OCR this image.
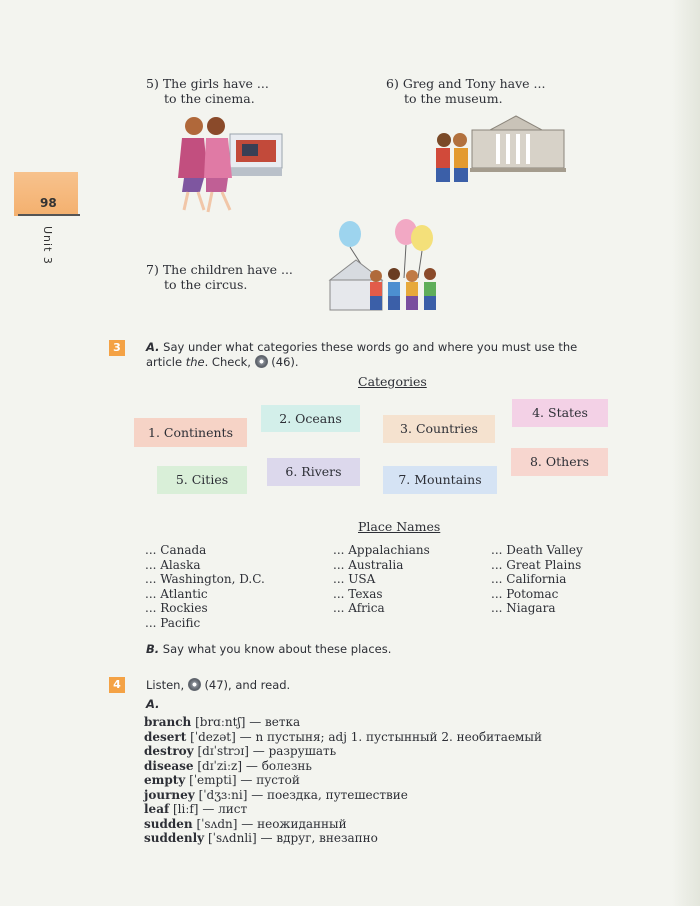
98
Unit 3
5) The girls have ...
to the cinema.
6) Greg and Tony have ...
to the museum.
7) The children have ...
to the circus.
3	A. Say under what categories these words go and where you must use the
article the. Check, (46).
Categories
1. Continents
2. Oceans
3. Countries
4. States
5. Cities
6. Rivers
7. Mountains
8. Others
Place Names
... Canada
... Alaska
... Washington, D.C.
... Atlantic
... Rockies
... Pacific
... Appalachians
... Australia
... USA
... Texas
... Africa
... Death Valley
... Great Plains
... California
... Potomac
... Niagara
B. Say what you know about these places.
4	Listen, (47), and read.
A.
branch [brɑːntʃ] — ветка
desert [ˈdezət] — n пустыня; adj 1. пустынный 2. необитаемый
destroy [dɪˈstrɔɪ] — разрушать
disease [dɪˈziːz] — болезнь
empty [ˈempti] — пустой
journey [ˈdʒɜːni] — поездка, путешествие
leaf [liːf] — лист
sudden [ˈsʌdn] — неожиданный
suddenly [ˈsʌdnli] — вдруг, внезапно
